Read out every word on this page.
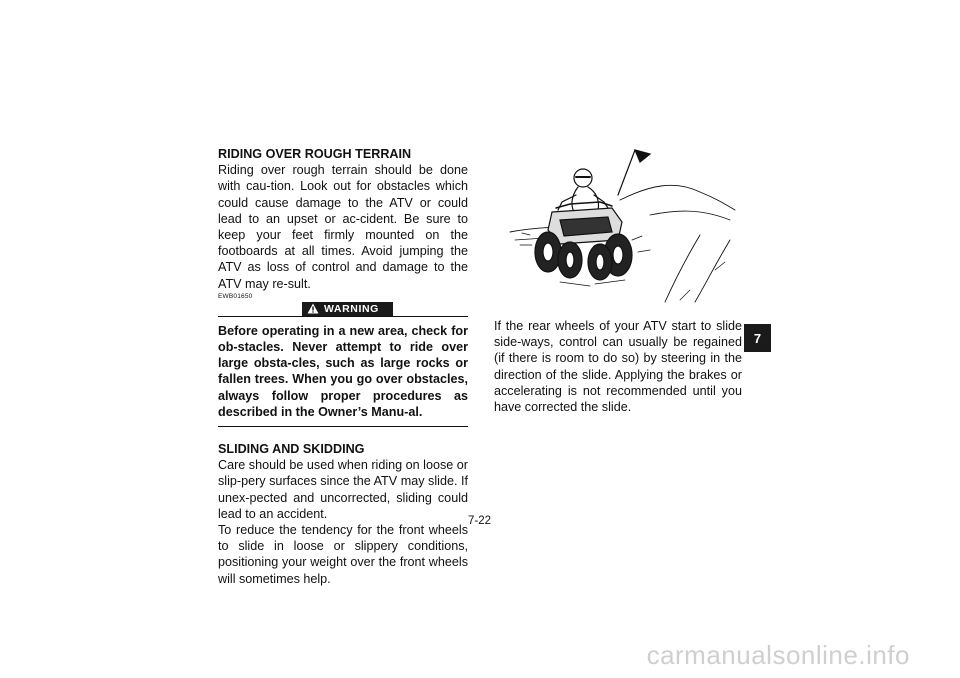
RIDING OVER ROUGH TERRAIN

Riding over rough terrain should be done with cau-tion. Look out for obstacles which could cause damage to the ATV or could lead to an upset or ac-cident. Be sure to keep your feet firmly mounted on the footboards at all times. Avoid jumping the ATV as loss of control and damage to the ATV may re-sult.

EWB01650
WARNING

Before operating in a new area, check for ob-stacles. Never attempt to ride over large obsta-cles, such as large rocks or fallen trees. When you go over obstacles, always follow proper procedures as described in the Owner’s Manu-al.

SLIDING AND SKIDDING

Care should be used when riding on loose or slip-pery surfaces since the ATV may slide. If unex-pected and uncorrected, sliding could lead to an accident.

To reduce the tendency for the front wheels to slide in loose or slippery conditions, positioning your weight over the front wheels will sometimes help.

If the rear wheels of your ATV start to slide side-ways, control can usually be regained (if there is room to do so) by steering in the direction of the slide. Applying the brakes or accelerating is not recommended until you have corrected the slide.

7
7-22
carmanualsonline.info
